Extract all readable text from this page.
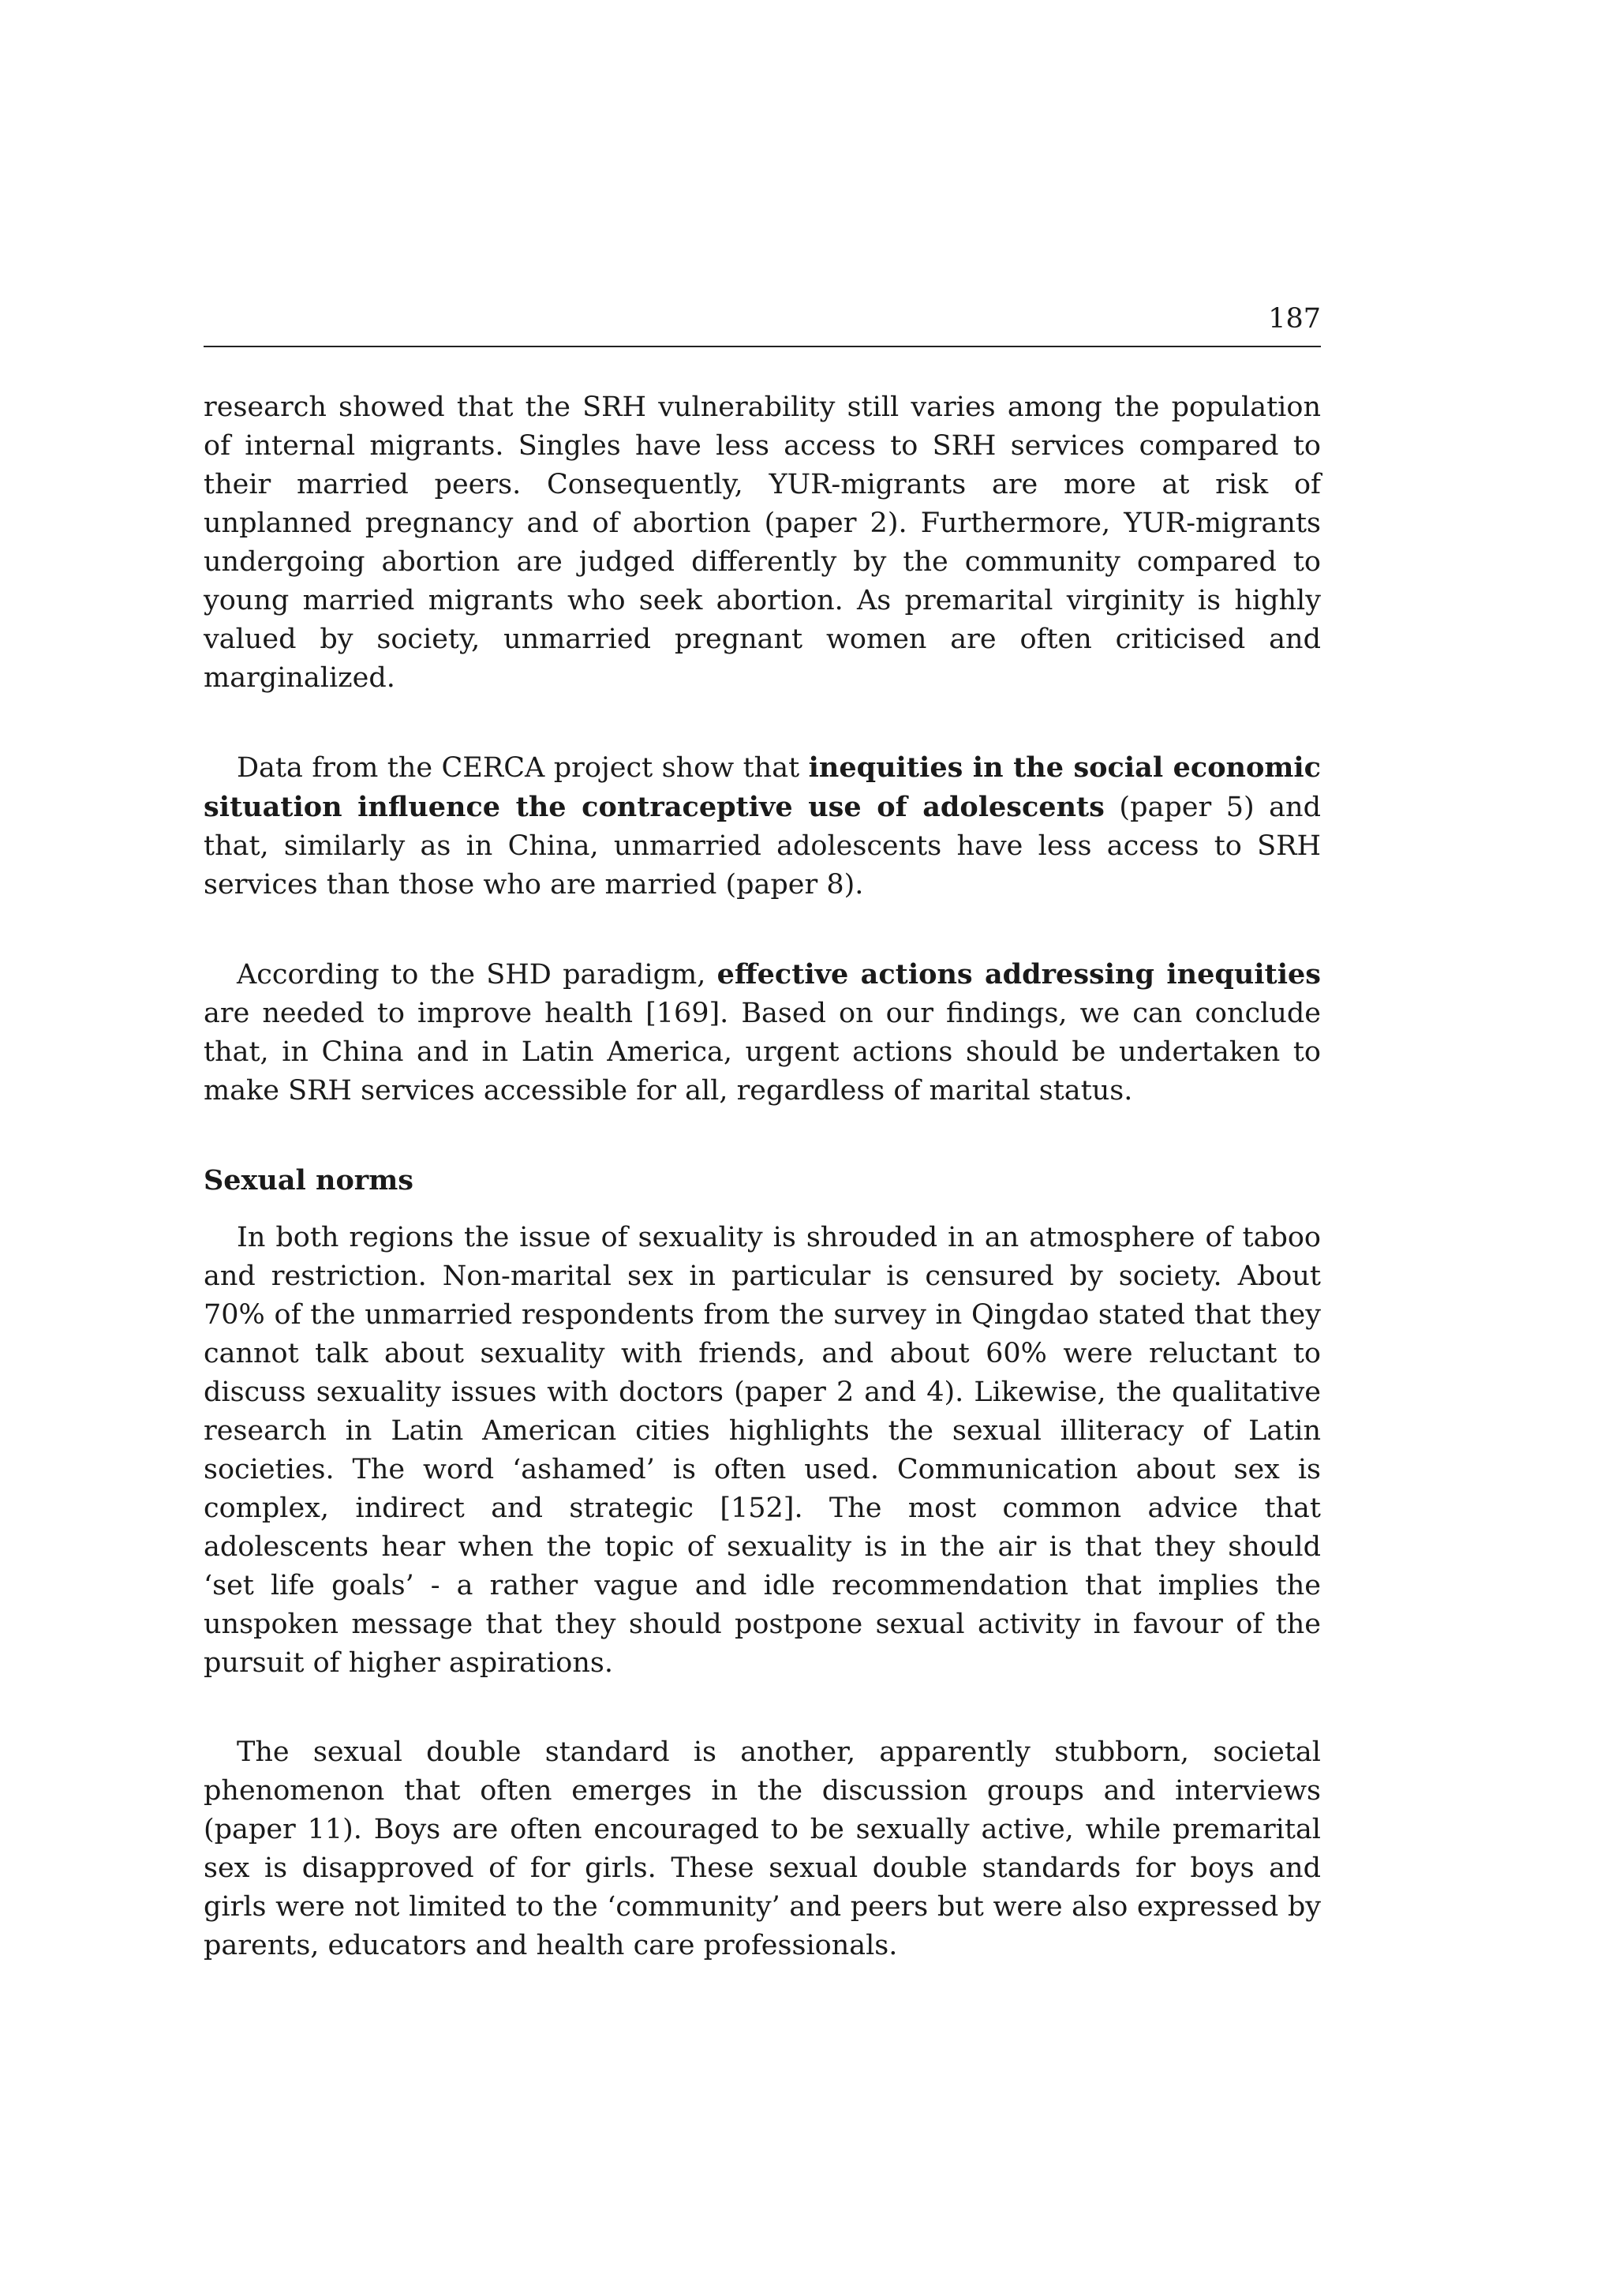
187

research showed that the SRH vulnerability still varies among the population of internal migrants. Singles have less access to SRH services compared to their married peers. Consequently, YUR-migrants are more at risk of unplanned pregnancy and of abortion (paper 2). Furthermore, YUR-migrants undergoing abortion are judged differently by the community compared to young married migrants who seek abortion. As premarital virginity is highly valued by society, unmarried pregnant women are often criticised and marginalized.

Data from the CERCA project show that inequities in the social economic situation influence the contraceptive use of adolescents (paper 5) and that, similarly as in China, unmarried adolescents have less access to SRH services than those who are married (paper 8).

According to the SHD paradigm, effective actions addressing inequities are needed to improve health [169]. Based on our findings, we can conclude that, in China and in Latin America, urgent actions should be undertaken to make SRH services accessible for all, regardless of marital status.

Sexual norms

In both regions the issue of sexuality is shrouded in an atmosphere of taboo and restriction. Non-marital sex in particular is censured by society. About 70% of the unmarried respondents from the survey in Qingdao stated that they cannot talk about sexuality with friends, and about 60% were reluctant to discuss sexuality issues with doctors (paper 2 and 4). Likewise, the qualitative research in Latin American cities highlights the sexual illiteracy of Latin societies. The word ‘ashamed’ is often used. Communication about sex is complex, indirect and strategic [152]. The most common advice that adolescents hear when the topic of sexuality is in the air is that they should ‘set life goals’ - a rather vague and idle recommendation that implies the unspoken message that they should postpone sexual activity in favour of the pursuit of higher aspirations.

The sexual double standard is another, apparently stubborn, societal phenomenon that often emerges in the discussion groups and interviews (paper 11). Boys are often encouraged to be sexually active, while premarital sex is disapproved of for girls. These sexual double standards for boys and girls were not limited to the ‘community’ and peers but were also expressed by parents, educators and health care professionals.
